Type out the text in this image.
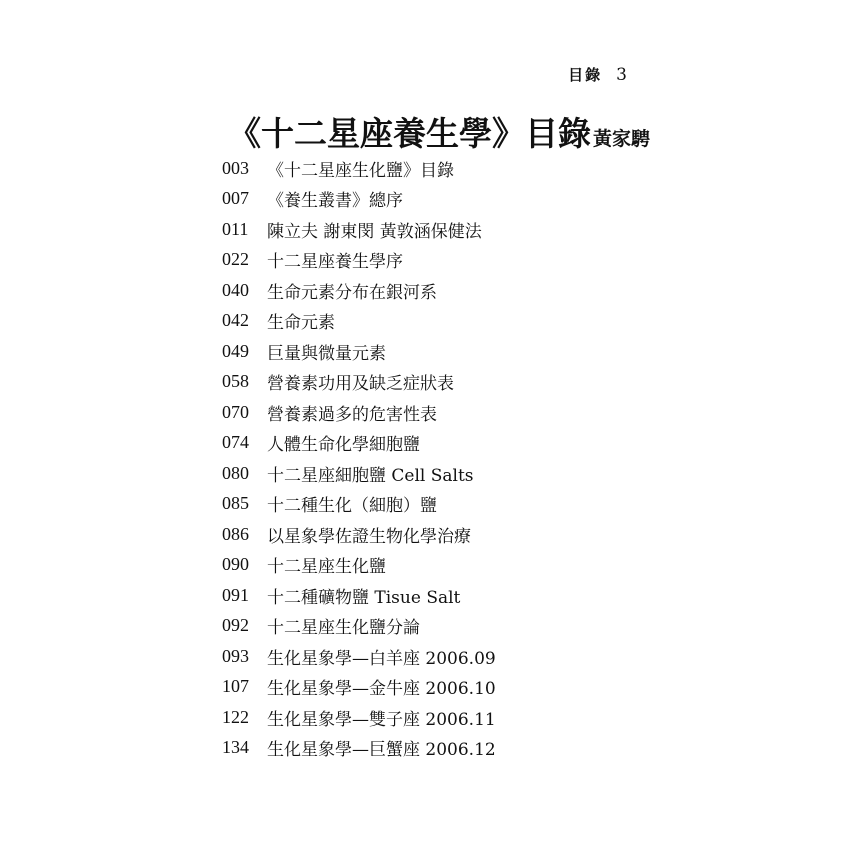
目錄 3
《十二星座養生學》目錄 黃家騁
003	《十二星座生化鹽》目錄
007	《養生叢書》總序
011	陳立夫 謝東閔 黃敦涵保健法
022	十二星座養生學序
040	生命元素分布在銀河系
042	生命元素
049	巨量與微量元素
058	營養素功用及缺乏症狀表
070	營養素過多的危害性表
074	人體生命化學細胞鹽
080	十二星座細胞鹽 Cell Salts
085	十二種生化（細胞）鹽
086	以星象學佐證生物化學治療
090	十二星座生化鹽
091	十二種礦物鹽 Tisue Salt
092	十二星座生化鹽分論
093	生化星象學—白羊座 2006.09
107	生化星象學—金牛座 2006.10
122	生化星象學—雙子座 2006.11
134	生化星象學—巨蟹座 2006.12
